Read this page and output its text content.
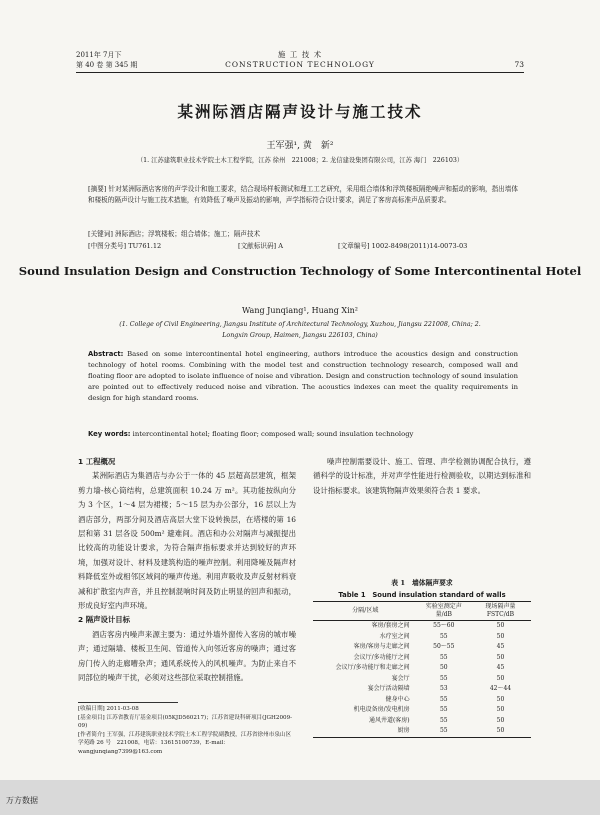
2011年 7月下
第 40 卷 第 345 期
施 工 技 术
CONSTRUCTION TECHNOLOGY	73
某洲际酒店隔声设计与施工技术
王军强¹, 黄　新²
（1. 江苏建筑职业技术学院土木工程学院，江苏 徐州　221008；2. 龙信建设集团有限公司，江苏 海门　226103）
[摘要] 针对某洲际酒店客房的声学设计和施工要求，结合现场样板测试和理工工艺研究，采用组合墙体和浮筑楼板隔绝噪声和振动的影响，指出墙体和楼板的隔声设计与施工技术措施，有效降低了噪声及振动的影响，声学指标符合设计要求，满足了客房高标准声品质要求。
[关键词] 洲际酒店；浮筑楼板；组合墙体；施工；隔声技术
[中图分类号] TU761.12	[文献标识码] A	[文章编号] 1002-8498(2011)14-0073-03
Sound Insulation Design and Construction Technology of Some Intercontinental Hotel
Wang Junqiang¹, Huang Xin²
(1. College of Civil Engineering, Jiangsu Institute of Architectural Technology, Xuzhou, Jiangsu 221008, China; 2. Longxin Group, Haimen, Jiangsu 226103, China)
Abstract: Based on some intercontinental hotel engineering, authors introduce the acoustics design and construction technology of hotel rooms. Combining with the model test and construction technology research, composed wall and floating floor are adopted to isolate influence of noise and vibration. Design and construction technology of sound insulation are pointed out to effectively reduced noise and vibration. The acoustics indexes can meet the quality requirements in design for high standard rooms.
Key words: intercontinental hotel; floating floor; composed wall; sound insulation technology

1 工程概况

某洲际酒店为集酒店与办公于一体的 45 层超高层建筑，框架剪力墙-核心筒结构，总建筑面积 10.24 万 m²。其功能按纵向分为 3 个区，1～4 层为裙楼；5～15 层为办公部分，16 层以上为酒店部分，两部分间及酒店高层大堂下设转换层，在塔楼的第 16 层和第 31 层各设 500m² 避难间。酒店和办公对隔声与减振提出比较高的功能设计要求，为符合隔声指标要求并达到较好的声环境，加强对设计、材料及建筑构造的噪声控制。利用降噪及隔声材料降低室外或相邻区域间的噪声传递。利用声吸收及声反射材料衰减和扩散室内声音，并且控制混响时间及防止明显的回声和振动，形成良好室内声环境。

2 隔声设计目标

酒店客房内噪声来源主要为：通过外墙外窗传入客房的城市噪声；通过隔墙、楼板卫生间、管道传入向邻近客房的噪声；通过客房门传入的走廊嘈杂声；通风系统传入的风机噪声。为防止来自不同部位的噪声干扰，必须对这些部位采取控制措施。

[收稿日期] 2011-03-08
[基金项目] 江苏省教育厅基金项目(05KJD560217)；江苏省建设科研项目(JGH2009-09)
[作者简介] 王军强，江苏建筑职业技术学院土木工程学院副教授，江苏省徐州市泉山区学苑路 26 号　221008，电话：13615100739，E-mail：wangjunqiang7399@163.com

噪声控制需要设计、施工、管理、声学检测协调配合执行，遵循科学的设计标准，并对声学性能进行检测验收，以期达到标准和设计指标要求。该建筑物隔声效果须符合表 1 要求。

表 1　墙体隔声要求
Table 1　Sound insulation standard of walls
分隔/区域	实验室测定声量/dB	现场隔声量 FSTC/dB
客房/套房之间	55～60	50
水疗室之间	55	50
客房/客房与走廊之间	50～55	45
会议厅/多功能厅之间	55	50
会议厅/多功能厅和走廊之间	50	45
宴会厅	55	50
宴会厅活动隔墙	53	42～44
健身中心	55	50
机电设备房/发电机房	55	50
通风井道(客房)	55	50
厨房	55	50
万方数据
